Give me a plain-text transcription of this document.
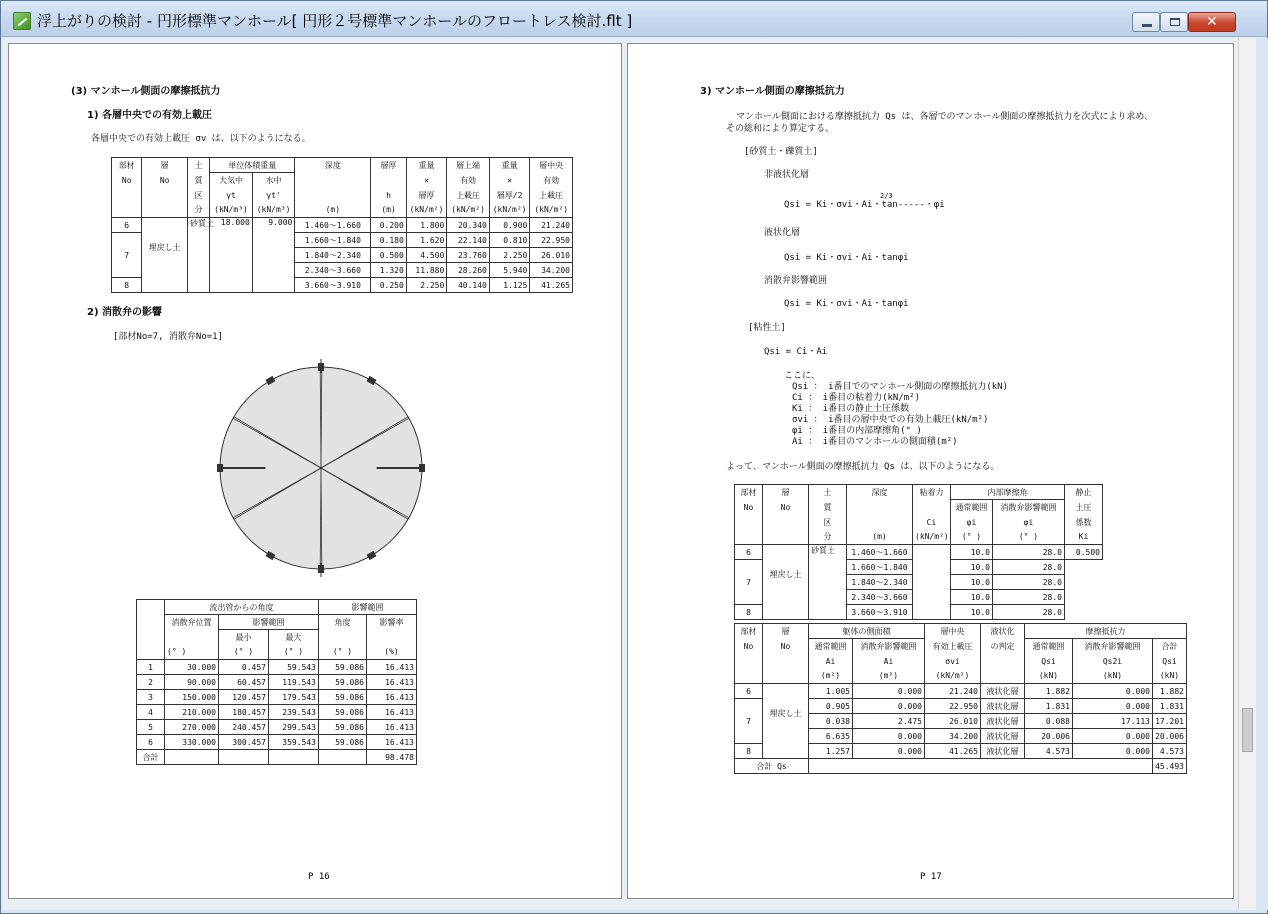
浮上がりの検討 - 円形標準マンホール[ 円形２号標準マンホールのフロートレス検討.flt ]	✕
(3) マンホール側面の摩擦抵抗力
1) 各層中央での有効上載圧
各層中央での有効上載圧 σv は、以下のようになる。
部材	層	土	単位体積重量		深度	層厚	重量	層上端	重量	層中央
No	No	質	大気中	水中			×	有効	×	有効
		区	γt	γt'		h	層厚	上載圧	層厚/2	上載圧
		分	(kN/m³)	(kN/m³)	(m)	(m)	(kN/m²)	(kN/m²)	(kN/m²)	(kN/m²)
6	埋戻し土	砂質土	18.000	9.000	1.460～1.660	0.200	1.800	20.340	0.900	21.240
7					1.660～1.840	0.180	1.620	22.140	0.810	22.950
					1.840～2.340	0.500	4.500	23.760	2.250	26.010
					2.340～3.660	1.320	11.880	28.260	5.940	34.200
8					3.660～3.910	0.250	2.250	40.140	1.125	41.265
2) 消散弁の影響
[部材No=7, 消散弁No=1]
	流出管からの角度			影響範囲	
	消散弁位置	影響範囲		角度	影響率
		最小	最大		
	(° )	(° )	(° )	(° )	(%)
1	30.000	0.457	59.543	59.086	16.413
2	90.000	60.457	119.543	59.086	16.413
3	150.000	120.457	179.543	59.086	16.413
4	210.000	180.457	239.543	59.086	16.413
5	270.000	240.457	299.543	59.086	16.413
6	330.000	300.457	359.543	59.086	16.413
合計					98.478
P 16
3) マンホール側面の摩擦抵抗力
マンホール側面における摩擦抵抗力 Qs は、各層でのマンホール側面の摩擦抵抗力を次式により求め、
その総和により算定する。
[砂質土・礫質土]
非液状化層
Qsi = Ki・σvi・Ai・tan-----・φi
2/3
液状化層
Qsi = Ki・σvi・Ai・tanφi
消散弁影響範囲
Qsi = Ki・σvi・Ai・tanφi
[粘性土]
Qsi = Ci・Ai
ここに、
Qsi ： i番目でのマンホール側面の摩擦抵抗力(kN)
Ci ： i番目の粘着力(kN/m²)
Ki ： i番目の静止土圧係数
σvi ： i番目の層中央での有効上載圧(kN/m²)
φi ： i番目の内部摩擦角(° )
Ai ： i番目のマンホールの側面積(m²)
よって、マンホール側面の摩擦抵抗力 Qs は、以下のようになる。
部材	層	土	深度	粘着力	内部摩擦角		静止
No	No	質			通常範囲	消散弁影響範囲	土圧
		区		Ci	φi	φi	係数
		分	(m)	(kN/m²)	(° )	(° )	Ki
6	埋戻し土	砂質土	1.460～1.660		10.0	28.0	0.500
7			1.660～1.840		10.0	28.0	
			1.840～2.340		10.0	28.0	
			2.340～3.660		10.0	28.0	
8			3.660～3.910		10.0	28.0	
部材	層	躯体の側面積		層中央	液状化	摩擦抵抗力		
No	No	通常範囲	消散弁影響範囲	有効上載圧	の判定	通常範囲	消散弁影響範囲	合計
		Ai	Ai	σvi		Qsi	Qs2i	Qsi
		(m²)	(m²)	(kN/m²)		(kN)	(kN)	(kN)
6	埋戻し土	1.005	0.000	21.240	液状化層	1.882	0.000	1.882
7		0.905	0.000	22.950	液状化層	1.831	0.000	1.831
		0.038	2.475	26.010	液状化層	0.088	17.113	17.201
		6.635	0.000	34.200	液状化層	20.006	0.000	20.006
8		1.257	0.000	41.265	液状化層	4.573	0.000	4.573
合計 Qs								45.493
P 17
